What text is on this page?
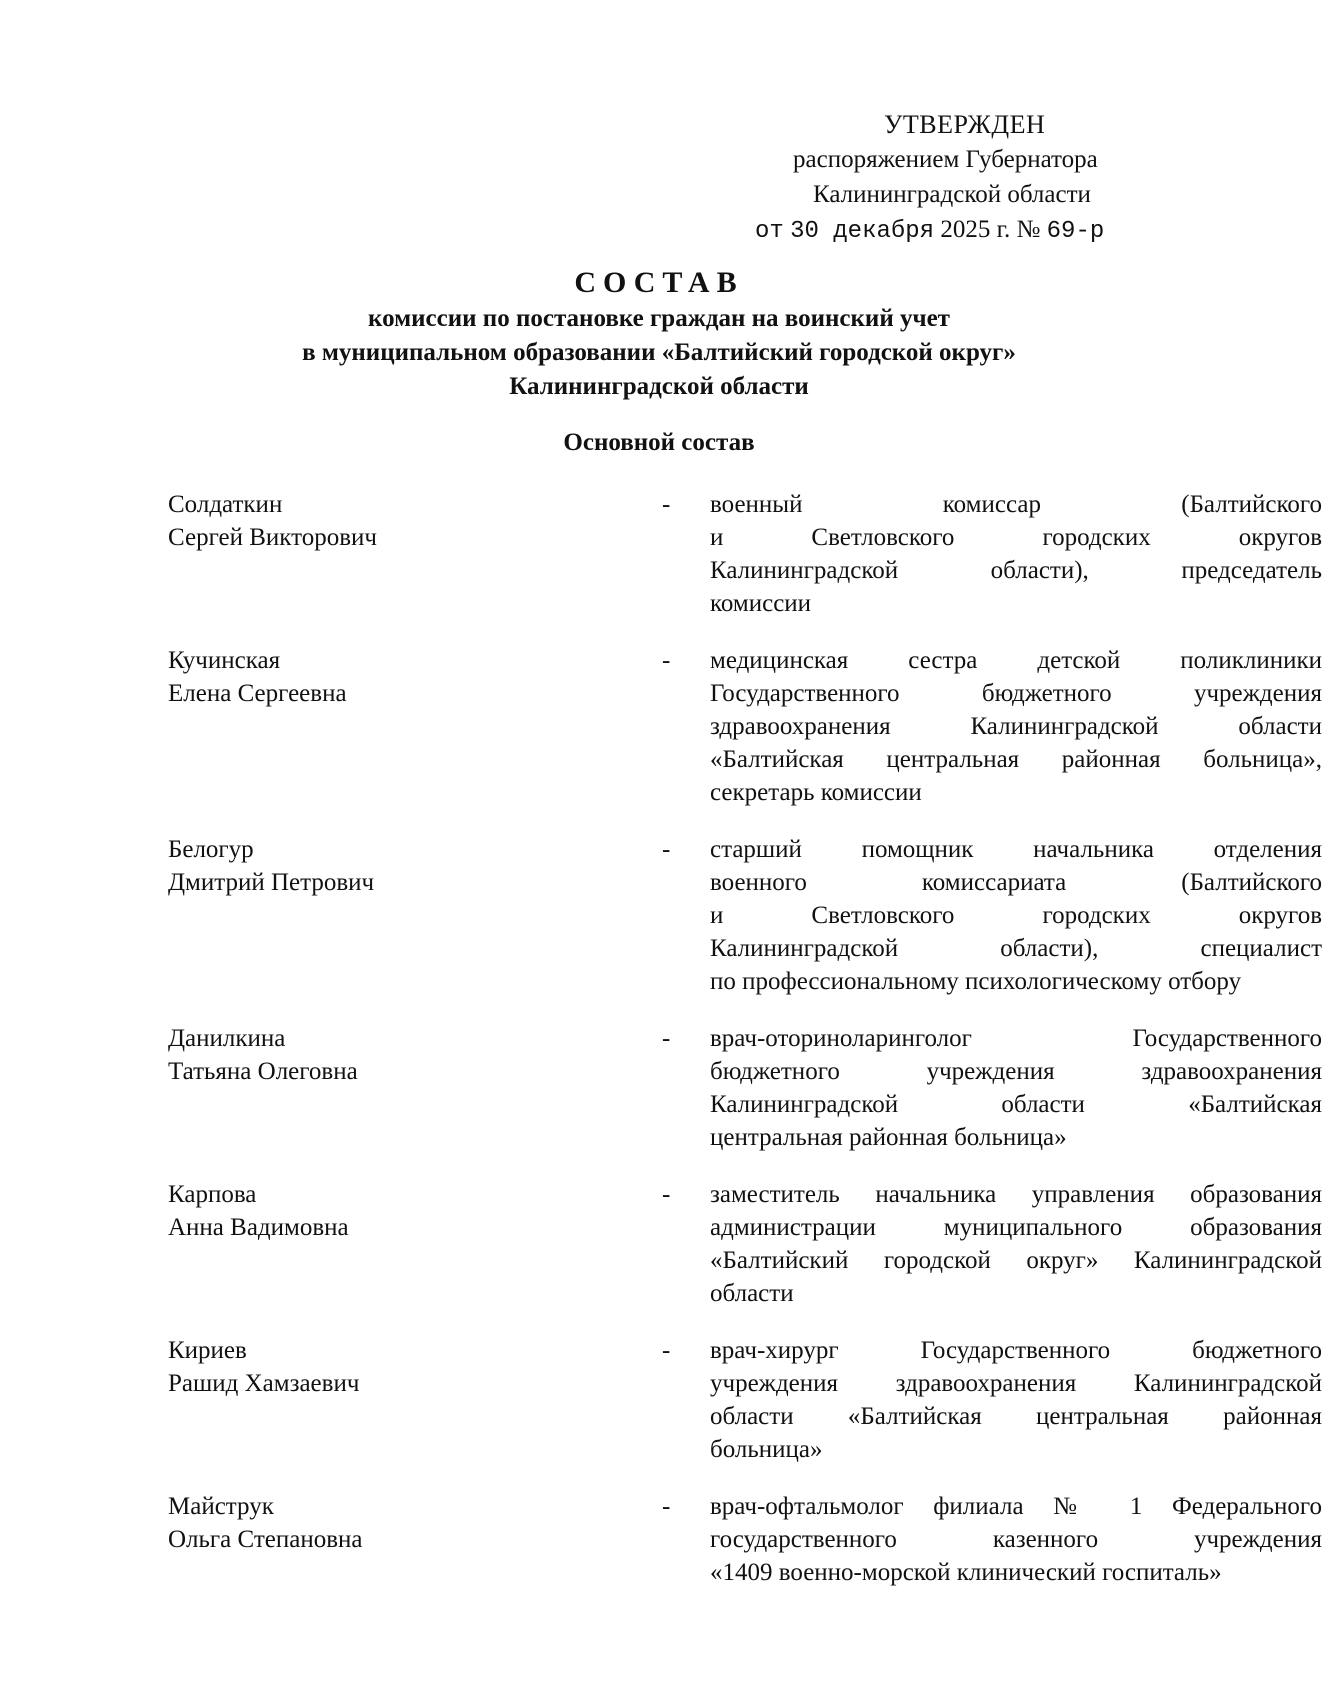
УТВЕРЖДЕН
распоряжением Губернатора
Калининградской области
от 30 декабря 2025 г. № 69-р
СОСТАВ
комиссии по постановке граждан на воинский учет
в муниципальном образовании «Балтийский городской округ»
Калининградской области
Основной состав
Солдаткин
Сергей Викторович
-	военный комиссар (Балтийского
и Светловского городских округов
Калининградской области), председатель
комиссии
Кучинская
Елена Сергеевна
-	медицинская сестра детской поликлиники
Государственного бюджетного учреждения
здравоохранения Калининградской области
«Балтийская центральная районная больница»,
секретарь комиссии
Белогур
Дмитрий Петрович
-	старший помощник начальника отделения
военного комиссариата (Балтийского
и Светловского городских округов
Калининградской области), специалист
по профессиональному психологическому отбору
Данилкина
Татьяна Олеговна
-	врач-оториноларинголог Государственного
бюджетного учреждения здравоохранения
Калининградской области «Балтийская
центральная районная больница»
Карпова
Анна Вадимовна
-	заместитель начальника управления образования
администрации муниципального образования
«Балтийский городской округ» Калининградской
области
Кириев
Рашид Хамзаевич
-	врач-хирург Государственного бюджетного
учреждения здравоохранения Калининградской
области «Балтийская центральная районная
больница»
Майструк
Ольга Степановна
-	врач-офтальмолог филиала № 1 Федерального
государственного казенного учреждения
«1409 военно-морской клинический госпиталь»
